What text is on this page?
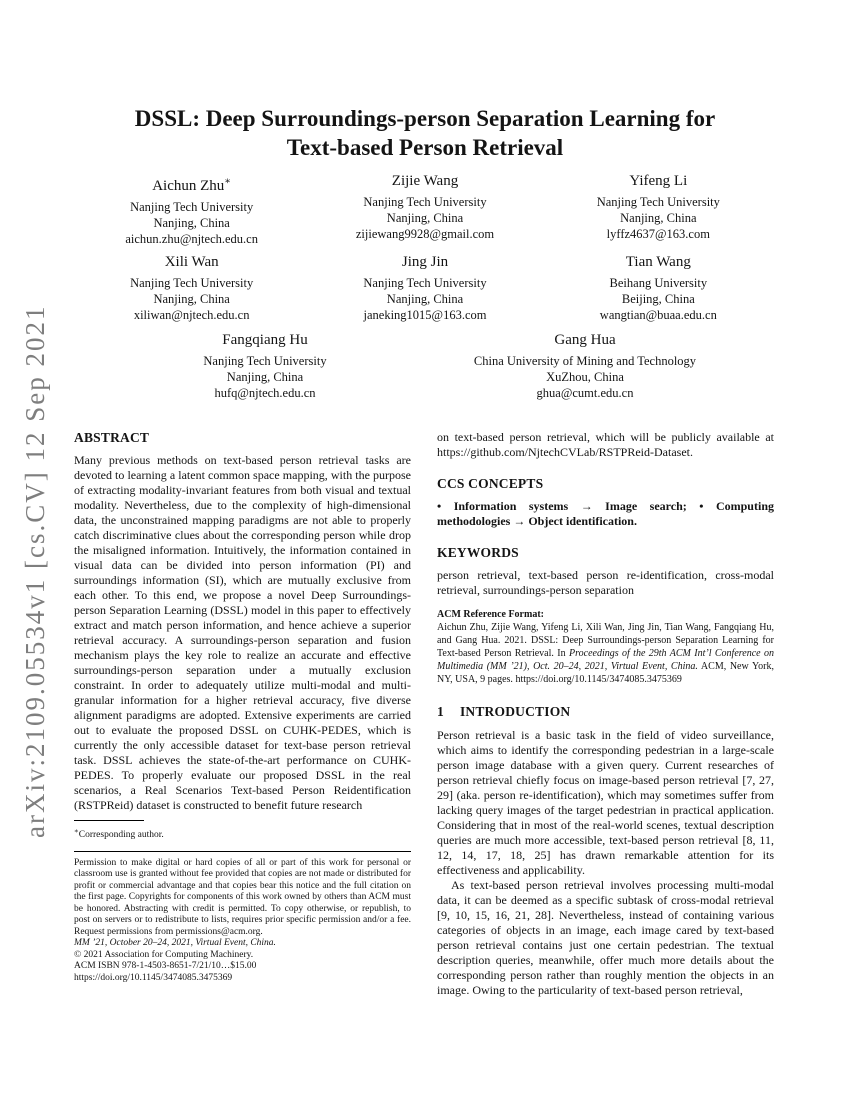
arXiv:2109.05534v1 [cs.CV] 12 Sep 2021
DSSL: Deep Surroundings-person Separation Learning for Text-based Person Retrieval
Aichun Zhu∗
Nanjing Tech University
Nanjing, China
aichun.zhu@njtech.edu.cn
Zijie Wang
Nanjing Tech University
Nanjing, China
zijiewang9928@gmail.com
Yifeng Li
Nanjing Tech University
Nanjing, China
lyffz4637@163.com
Xili Wan
Nanjing Tech University
Nanjing, China
xiliwan@njtech.edu.cn
Jing Jin
Nanjing Tech University
Nanjing, China
janeking1015@163.com
Tian Wang
Beihang University
Beijing, China
wangtian@buaa.edu.cn
Fangqiang Hu
Nanjing Tech University
Nanjing, China
hufq@njtech.edu.cn
Gang Hua
China University of Mining and Technology
XuZhou, China
ghua@cumt.edu.cn
ABSTRACT

Many previous methods on text-based person retrieval tasks are devoted to learning a latent common space mapping, with the purpose of extracting modality-invariant features from both visual and textual modality. Nevertheless, due to the complexity of high-dimensional data, the unconstrained mapping paradigms are not able to properly catch discriminative clues about the corresponding person while drop the misaligned information. Intuitively, the information contained in visual data can be divided into person information (PI) and surroundings information (SI), which are mutually exclusive from each other. To this end, we propose a novel Deep Surroundings-person Separation Learning (DSSL) model in this paper to effectively extract and match person information, and hence achieve a superior retrieval accuracy. A surroundings-person separation and fusion mechanism plays the key role to realize an accurate and effective surroundings-person separation under a mutually exclusion constraint. In order to adequately utilize multi-modal and multi-granular information for a higher retrieval accuracy, five diverse alignment paradigms are adopted. Extensive experiments are carried out to evaluate the proposed DSSL on CUHK-PEDES, which is currently the only accessible dataset for text-base person retrieval task. DSSL achieves the state-of-the-art performance on CUHK-PEDES. To properly evaluate our proposed DSSL in the real scenarios, a Real Scenarios Text-based Person Reidentification (RSTPReid) dataset is constructed to benefit future research

∗Corresponding author.

Permission to make digital or hard copies of all or part of this work for personal or classroom use is granted without fee provided that copies are not made or distributed for profit or commercial advantage and that copies bear this notice and the full citation on the first page. Copyrights for components of this work owned by others than ACM must be honored. Abstracting with credit is permitted. To copy otherwise, or republish, to post on servers or to redistribute to lists, requires prior specific permission and/or a fee. Request permissions from permissions@acm.org.

MM ’21, October 20–24, 2021, Virtual Event, China.

© 2021 Association for Computing Machinery.

ACM ISBN 978-1-4503-8651-7/21/10…$15.00

https://doi.org/10.1145/3474085.3475369

on text-based person retrieval, which will be publicly available at https://github.com/NjtechCVLab/RSTPReid-Dataset.

CCS CONCEPTS

• Information systems → Image search; • Computing methodologies → Object identification.

KEYWORDS

person retrieval, text-based person re-identification, cross-modal retrieval, surroundings-person separation

ACM Reference Format:

Aichun Zhu, Zijie Wang, Yifeng Li, Xili Wan, Jing Jin, Tian Wang, Fangqiang Hu, and Gang Hua. 2021. DSSL: Deep Surroundings-person Separation Learning for Text-based Person Retrieval. In Proceedings of the 29th ACM Int’l Conference on Multimedia (MM ’21), Oct. 20–24, 2021, Virtual Event, China. ACM, New York, NY, USA, 9 pages. https://doi.org/10.1145/3474085.3475369

1 INTRODUCTION

Person retrieval is a basic task in the field of video surveillance, which aims to identify the corresponding pedestrian in a large-scale person image database with a given query. Current researches of person retrieval chiefly focus on image-based person retrieval [7, 27, 29] (aka. person re-identification), which may sometimes suffer from lacking query images of the target pedestrian in practical application. Considering that in most of the real-world scenes, textual description queries are much more accessible, text-based person retrieval [8, 11, 12, 14, 17, 18, 25] has drawn remarkable attention for its effectiveness and applicability.

As text-based person retrieval involves processing multi-modal data, it can be deemed as a specific subtask of cross-modal retrieval [9, 10, 15, 16, 21, 28]. Nevertheless, instead of containing various categories of objects in an image, each image cared by text-based person retrieval contains just one certain pedestrian. The textual description queries, meanwhile, offer much more details about the corresponding person rather than roughly mention the objects in an image. Owing to the particularity of text-based person retrieval,
